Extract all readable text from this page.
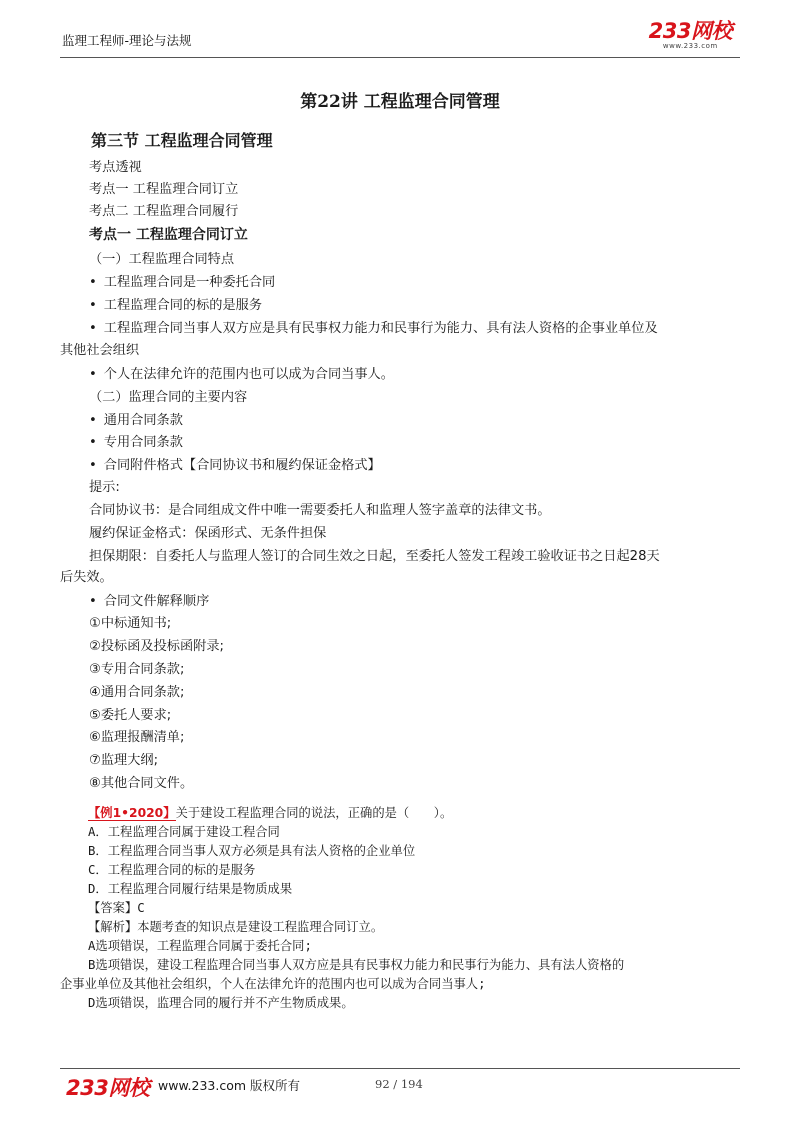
监理工程师-理论与法规	233网校
www.233.com
第22讲 工程监理合同管理
第三节 工程监理合同管理
考点透视
考点一 工程监理合同订立
考点二 工程监理合同履行
考点一 工程监理合同订立
（一）工程监理合同特点
• 工程监理合同是一种委托合同
• 工程监理合同的标的是服务
• 工程监理合同当事人双方应是具有民事权力能力和民事行为能力、具有法人资格的企事业单位及
其他社会组织
• 个人在法律允许的范围内也可以成为合同当事人。
（二）监理合同的主要内容
• 通用合同条款
• 专用合同条款
• 合同附件格式【合同协议书和履约保证金格式】
提示:
合同协议书：是合同组成文件中唯一需要委托人和监理人签字盖章的法律文书。
履约保证金格式：保函形式、无条件担保
担保期限：自委托人与监理人签订的合同生效之日起，至委托人签发工程竣工验收证书之日起28天
后失效。
• 合同文件解释顺序
①中标通知书;
②投标函及投标函附录;
③专用合同条款;
④通用合同条款;
⑤委托人要求;
⑥监理报酬清单;
⑦监理大纲;
⑧其他合同文件。
【例1•2020】关于建设工程监理合同的说法，正确的是（　　）。
A．工程监理合同属于建设工程合同
B．工程监理合同当事人双方必须是具有法人资格的企业单位
C．工程监理合同的标的是服务
D．工程监理合同履行结果是物质成果
【答案】C
【解析】本题考查的知识点是建设工程监理合同订立。
A选项错误，工程监理合同属于委托合同;
B选项错误，建设工程监理合同当事人双方应是具有民事权力能力和民事行为能力、具有法人资格的
企事业单位及其他社会组织，个人在法律允许的范围内也可以成为合同当事人;
D选项错误，监理合同的履行并不产生物质成果。
233网校 www.233.com 版权所有	92 / 194
